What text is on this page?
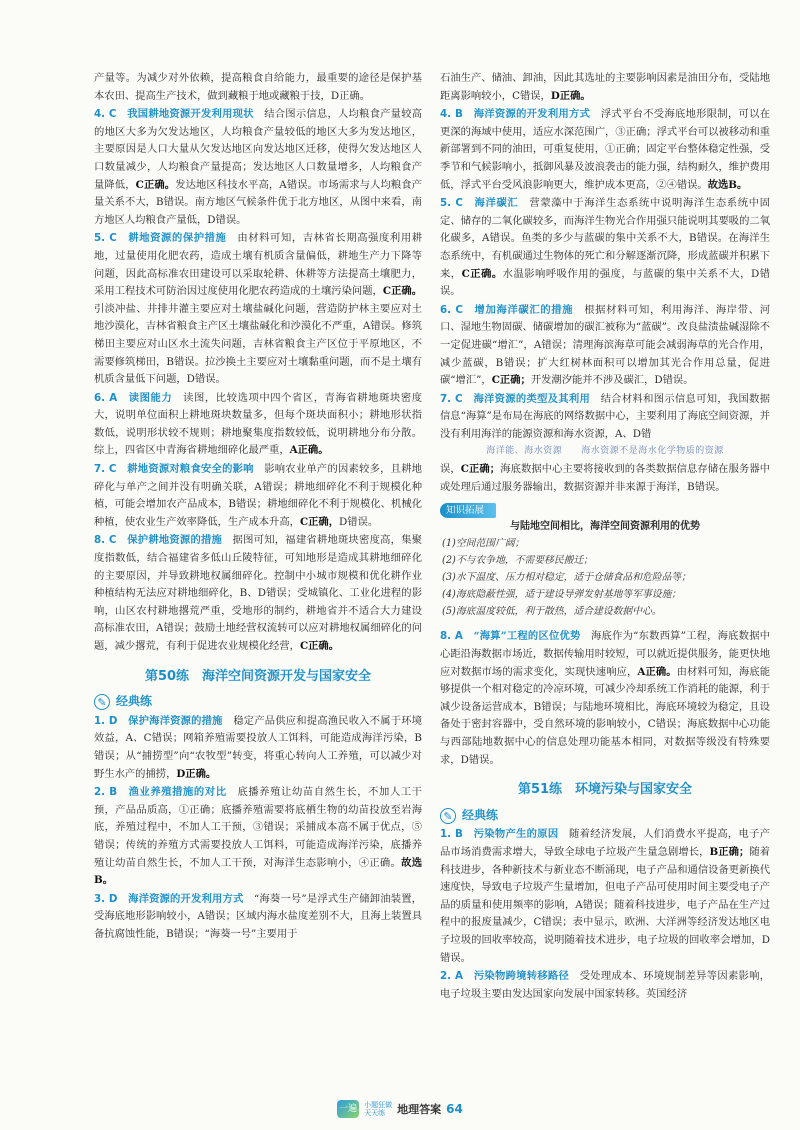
产量等。为减少对外依赖，提高粮食自给能力，最重要的途径是保护基本农田、提高生产技术，做到藏粮于地或藏粮于技，D正确。

4. C　 我国耕地资源开发利用现状　 结合图示信息，人均粮食产量较高的地区大多为欠发达地区，人均粮食产量较低的地区大多为发达地区，主要原因是人口大量从欠发达地区向发达地区迁移，使得欠发达地区人口数量减少，人均粮食产量提高；发达地区人口数量增多，人均粮食产量降低，C正确。发达地区科技水平高，A错误。市场需求与人均粮食产量关系不大，B错误。南方地区气候条件优于北方地区，从图中来看，南方地区人均粮食产量低，D错误。

5. C　 耕地资源的保护措施　 由材料可知，吉林省长期高强度利用耕地，过量使用化肥农药，造成土壤有机质含量偏低，耕地生产力下降等问题，因此高标准农田建设可以采取轮耕、休耕等方法提高土壤肥力，采用工程技术可防治因过度使用化肥农药造成的土壤污染问题，C正确。引淡冲盐、井排井灌主要应对土壤盐碱化问题，营造防护林主要应对土地沙漠化，吉林省粮食主产区土壤盐碱化和沙漠化不严重，A错误。修筑梯田主要应对山区水土流失问题，吉林省粮食主产区位于平原地区，不需要修筑梯田，B错误。拉沙换土主要应对土壤黏重问题，而不是土壤有机质含量低下问题，D错误。

6. A　 读图能力　 读图，比较选项中四个省区，青海省耕地斑块密度大，说明单位面积上耕地斑块数量多，但每个斑块面积小；耕地形状指数低，说明形状较不规则；耕地聚集度指数较低，说明耕地分布分散。综上，四省区中青海省耕地细碎化最严重，A正确。

7. C　 耕地资源对粮食安全的影响　 影响农业单产的因素较多，且耕地碎化与单产之间并没有明确关联，A错误；耕地细碎化不利于规模化种植，可能会增加农产品成本，B错误；耕地细碎化不利于规模化、机械化种植，使农业生产效率降低，生产成本升高，C正确，D错误。

8. C　 保护耕地资源的措施　 据图可知，福建省耕地斑块密度高，集聚度指数低，结合福建省多低山丘陵特征，可知地形是造成其耕地细碎化的主要原因，并导致耕地权属细碎化。控制中小城市规模和优化耕作业种植结构无法应对耕地细碎化，B、D错误；受城镇化、工业化进程的影响，山区农村耕地撂荒严重，受地形的制约，耕地省并不适合大力建设高标准农田，A错误；鼓励土地经营权流转可以应对耕地权属细碎化的问题，减少撂荒，有利于促进农业规模化经营，C正确。

第50练　海洋空间资源开发与国家安全
✎ 经典练

1. D　 保护海洋资源的措施　 稳定产品供应和提高渔民收入不属于环境效益，A、C错误；网箱养殖需要投放人工饵料，可能造成海洋污染，B错误；从“捕捞型”向“农牧型”转变，将重心转向人工养殖，可以减少对野生水产的捕捞，D正确。

2. B　 渔业养殖措施的对比　 底播养殖让幼苗自然生长，不加人工干预，产品品质高，①正确；底播养殖需要将底栖生物的幼苗投放至岩海底，养殖过程中，不加人工干预，③错误；采捕成本高不属于优点，⑤错误；传统的养殖方式需要投放人工饵料，可能造成海洋污染，底播养殖让幼苗自然生长，不加人工干预，对海洋生态影响小，④正确。故选B。

3. D　 海洋资源的开发利用方式　 “海葵一号”是浮式生产储卸油装置，受海底地形影响较小，A错误；区域内海水盐度差别不大，且海上装置具备抗腐蚀性能，B错误；“海葵一号”主要用于

石油生产、储油、卸油，因此其选址的主要影响因素是油田分布，受陆地距离影响较小，C错误，D正确。

4. B　 海洋资源的开发利用方式　 浮式平台不受海底地形限制，可以在更深的海域中使用，适应水深范围广，③正确；浮式平台可以被移动和重新部署到不同的油田，可重复使用，①正确；固定平台整体稳定性强，受季节和气候影响小，抵御风暴及波浪袭击的能力强，结构耐久，维护费用低，浮式平台受风浪影响更大，维护成本更高，②④错误。故选B。

5. C　 海洋碳汇　 营蒙藻中于海洋生态系统中说明海洋生态系统中固定、储存的二氧化碳较多，而海洋生物光合作用强只能说明其要吸的二氧化碳多，A错误。鱼类的多少与蓝碳的集中关系不大，B错误。在海洋生态系统中，有机碳通过生物体的死亡和分解逐渐沉降，形成蓝碳并积累下来，C正确。水温影响呼吸作用的强度，与蓝碳的集中关系不大，D错误。

6. C　 增加海洋碳汇的措施　 根据材料可知，利用海洋、海岸带、河口、湿地生物固碳、储碳增加的碳汇被称为“蓝碳”。改良盐渍盐碱湿除不一定促进碳“增汇”，A错误；清理海滨海草可能会减弱海草的光合作用，减少蓝碳，B错误；扩大红树林面积可以增加其光合作用总量，促进碳“增汇”，C正确；开发潮汐能并不涉及碳汇，D错误。

7. C　 海洋资源的类型及其利用　 结合材料和图示信息可知，我国数据信息“海算”是布局在海底的网络数据中心，主要利用了海底空间资源，并没有利用海洋的能源资源和海水资源，A、D错

海洋能、海水资源　　海水资源不是海水化学物质的资源

误，C正确；海底数据中心主要将接收到的各类数据信息存储在服务器中或处理后通过服务器输出，数据资源并非来源于海洋，B错误。

知识拓展

与陆地空间相比，海洋空间资源利用的优势

(1)空间范围广阔；
(2)不与农争地，不需要移民搬迁；
(3)水下温度、压力相对稳定，适于仓储食品和危险品等；
(4)海底隐蔽性强，适于建设导弹发射基地等军事设施；
(5)海底温度较低，利于散热，适合建设数据中心。

8. A　 “海算”工程的区位优势　 海底作为“东数西算”工程，海底数据中心距沿海数据市场近，数据传输用时较短，可以就近提供服务，能更快地应对数据市场的需求变化，实现快速响应，A正确。由材料可知，海底能够提供一个相对稳定的冷凉环境，可减少冷却系统工作消耗的能源，利于减少设备运营成本，B错误；与陆地环境相比，海底环境较为稳定，且设备处于密封容器中，受自然环境的影响较小，C错误；海底数据中心功能与西部陆地数据中心的信息处理功能基本相同，对数据等级没有特殊要求，D错误。

第51练　环境污染与国家安全
✎ 经典练

1. B　 污染物产生的原因　 随着经济发展，人们消费水平提高，电子产品市场消费需求增大，导致全球电子垃圾产生量急剧增长，B正确；随着科技进步，各种新技术与新业态不断涌现，电子产品和通信设备更新换代速度快，导致电子垃圾产生量增加，但电子产品可使用时间主要受电子产品的质量和使用频率的影响，A错误；随着科技进步，电子产品在生产过程中的报废量减少，C错误；表中显示，欧洲、大洋洲等经济发达地区电子垃圾的回收率较高，说明随着技术进步，电子垃圾的回收率会增加，D错误。

2. A　 污染物跨境转移路径　 受处理成本、环境规制差异等因素影响，电子垃圾主要由发达国家向发展中国家转移。英国经济

一遍 小题狂做
天天练	地理答案 64
